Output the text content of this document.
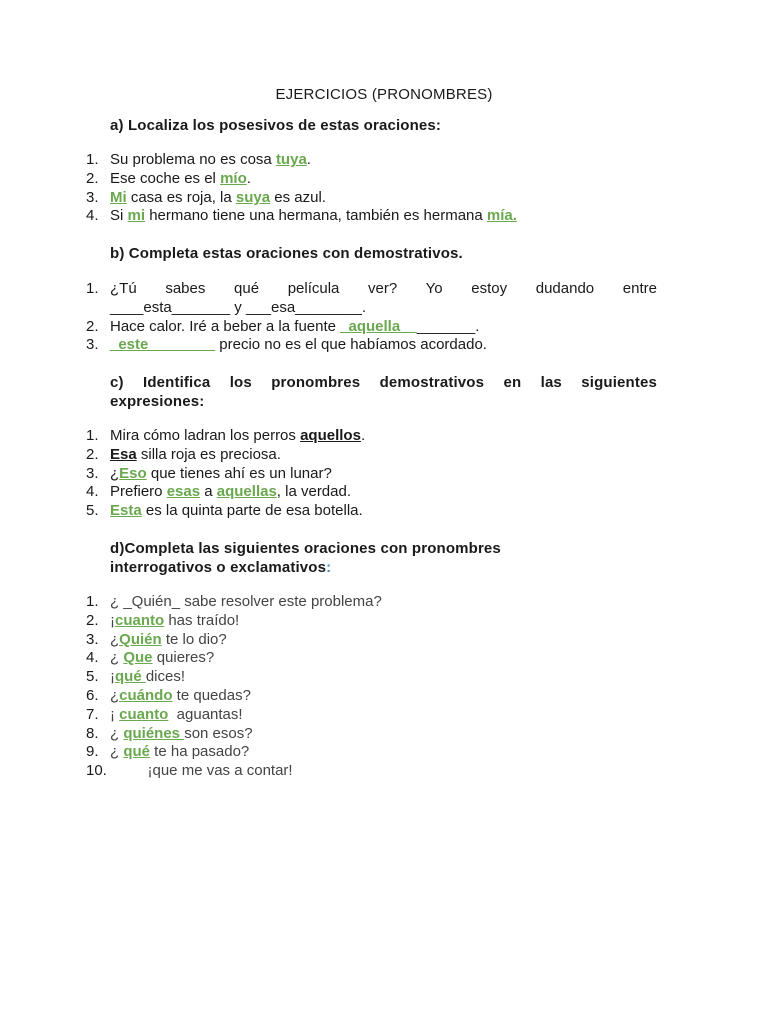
EJERCICIOS (PRONOMBRES)
a) Localiza los posesivos de estas oraciones:
1. Su problema no es cosa tuya.
2. Ese coche es el mío.
3. Mi casa es roja, la suya es azul.
4. Si mi hermano tiene una hermana, también es hermana mía.
b) Completa estas oraciones con demostrativos.
1. ¿Tú sabes qué película ver? Yo estoy dudando entre
____esta_______ y ___esa________.
2. Hace calor. Iré a beber a la fuente _aquella_________.
3. _este________ precio no es el que habíamos acordado.
c) Identifica los pronombres demostrativos en las siguientes
expresiones:
1. Mira cómo ladran los perros aquellos.
2. Esa silla roja es preciosa.
3. ¿Eso que tienes ahí es un lunar?
4. Prefiero esas a aquellas, la verdad.
5. Esta es la quinta parte de esa botella.
d)Completa las siguientes oraciones con pronombres
interrogativos o exclamativos:
1. ¿ _Quién_ sabe resolver este problema?
2. ¡cuanto has traído!
3. ¿Quién te lo dio?
4. ¿ Que quieres?
5. ¡qué dices!
6. ¿cuándo te quedas?
7. ¡ cuanto  aguantas!
8. ¿ quiénes son esos?
9. ¿ qué te ha pasado?
10. ¡que me vas a contar!
